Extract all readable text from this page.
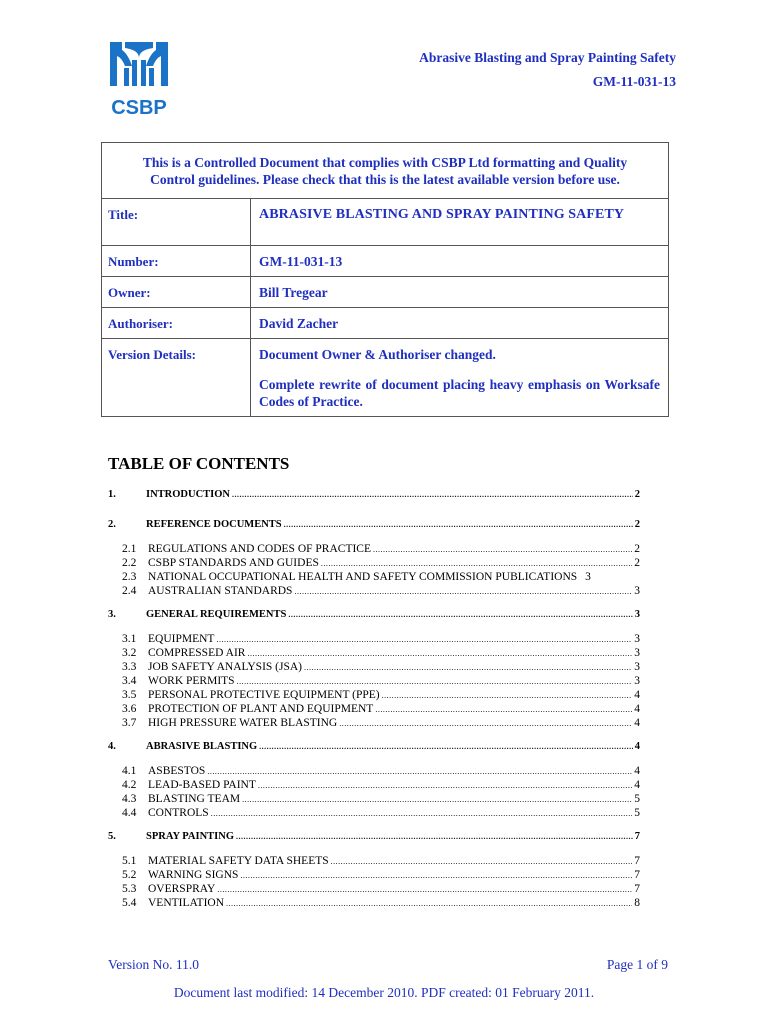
CSBP
Abrasive Blasting and Spray Painting Safety
GM-11-031-13
This is a Controlled Document that complies with CSBP Ltd formatting and Quality Control guidelines. Please check that this is the latest available version before use.	
Title:	ABRASIVE BLASTING AND SPRAY PAINTING SAFETY
Number:	GM-11-031-13
Owner:	Bill Tregear
Authoriser:	David Zacher
Version Details:	Document Owner & Authoriser changed.

Complete rewrite of document placing heavy emphasis on Worksafe Codes of Practice.

TABLE OF CONTENTS
1.	INTRODUCTION .....	2
2.	REFERENCE DOCUMENTS .....	2
2.1	REGULATIONS AND CODES OF PRACTICE .....	2
2.2	CSBP STANDARDS AND GUIDES .....	2
2.3	NATIONAL OCCUPATIONAL HEALTH AND SAFETY COMMISSION PUBLICATIONS 3
2.4	AUSTRALIAN STANDARDS .....	3
3.	GENERAL REQUIREMENTS .....	3
3.1	EQUIPMENT .....	3
3.2	COMPRESSED AIR .....	3
3.3	JOB SAFETY ANALYSIS (JSA) .....	3
3.4	WORK PERMITS .....	3
3.5	PERSONAL PROTECTIVE EQUIPMENT (PPE) .....	4
3.6	PROTECTION OF PLANT AND EQUIPMENT .....	4
3.7	HIGH PRESSURE WATER BLASTING .....	4
4.	ABRASIVE BLASTING .....	4
4.1	ASBESTOS .....	4
4.2	LEAD-BASED PAINT .....	4
4.3	BLASTING TEAM .....	5
4.4	CONTROLS .....	5
5.	SPRAY PAINTING .....	7
5.1	MATERIAL SAFETY DATA SHEETS .....	7
5.2	WARNING SIGNS .....	7
5.3	OVERSPRAY .....	7
5.4	VENTILATION .....	8
Version No. 11.0	Page 1 of 9
Document last modified: 14 December 2010. PDF created: 01 February 2011.
